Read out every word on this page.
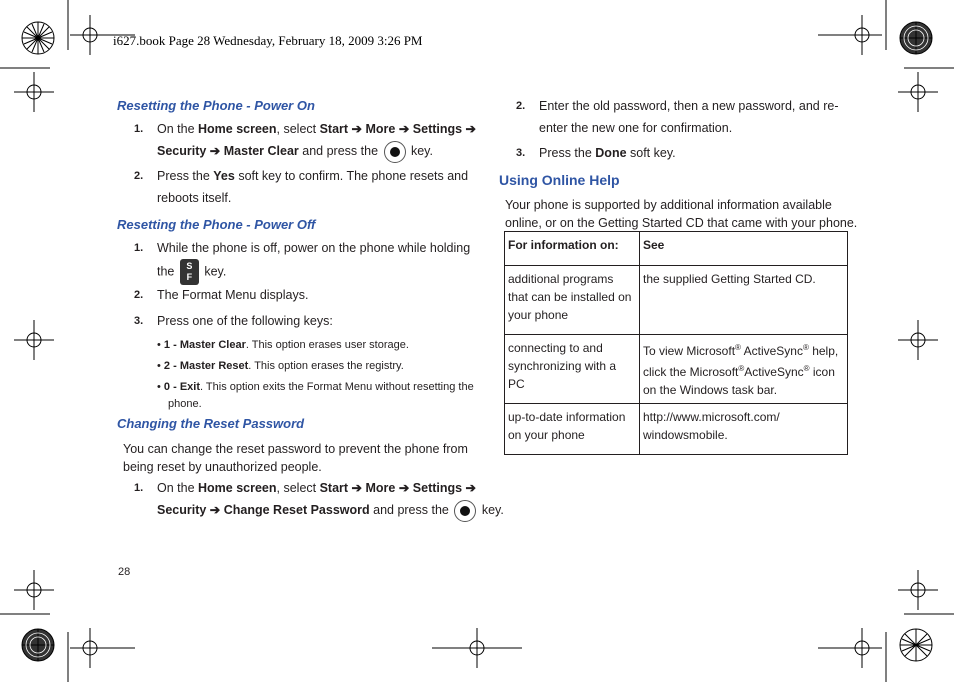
i627.book Page 28 Wednesday, February 18, 2009 3:26 PM
Resetting the Phone - Power On
1. On the Home screen, select Start ➔ More ➔ Settings ➔
Security ➔ Master Clear and press the  key.
2. Press the Yes soft key to confirm. The phone resets and
reboots itself.
Resetting the Phone - Power Off
1. While the phone is off, power on the phone while holding
the S
F key.
2. The Format Menu displays.
3. Press one of the following keys:
• 1 - Master Clear. This option erases user storage.
• 2 - Master Reset. This option erases the registry.
• 0 - Exit. This option exits the Format Menu without resetting the
phone.
Changing the Reset Password
You can change the reset password to prevent the phone from
being reset by unauthorized people.
1. On the Home screen, select Start ➔ More ➔ Settings ➔
Security ➔ Change Reset Password and press the  key.
2. Enter the old password, then a new password, and re-
enter the new one for confirmation.
3. Press the Done soft key.
Using Online Help
Your phone is supported by additional information available
online, or on the Getting Started CD that came with your phone.
For information on:	See
additional programs that can be installed on your phone	the supplied Getting Started CD.
connecting to and synchronizing with a PC	To view Microsoft® ActiveSync® help, click the Microsoft®ActiveSync® icon on the Windows task bar.
up-to-date information on your phone	http://www.microsoft.com/ windowsmobile.
28
